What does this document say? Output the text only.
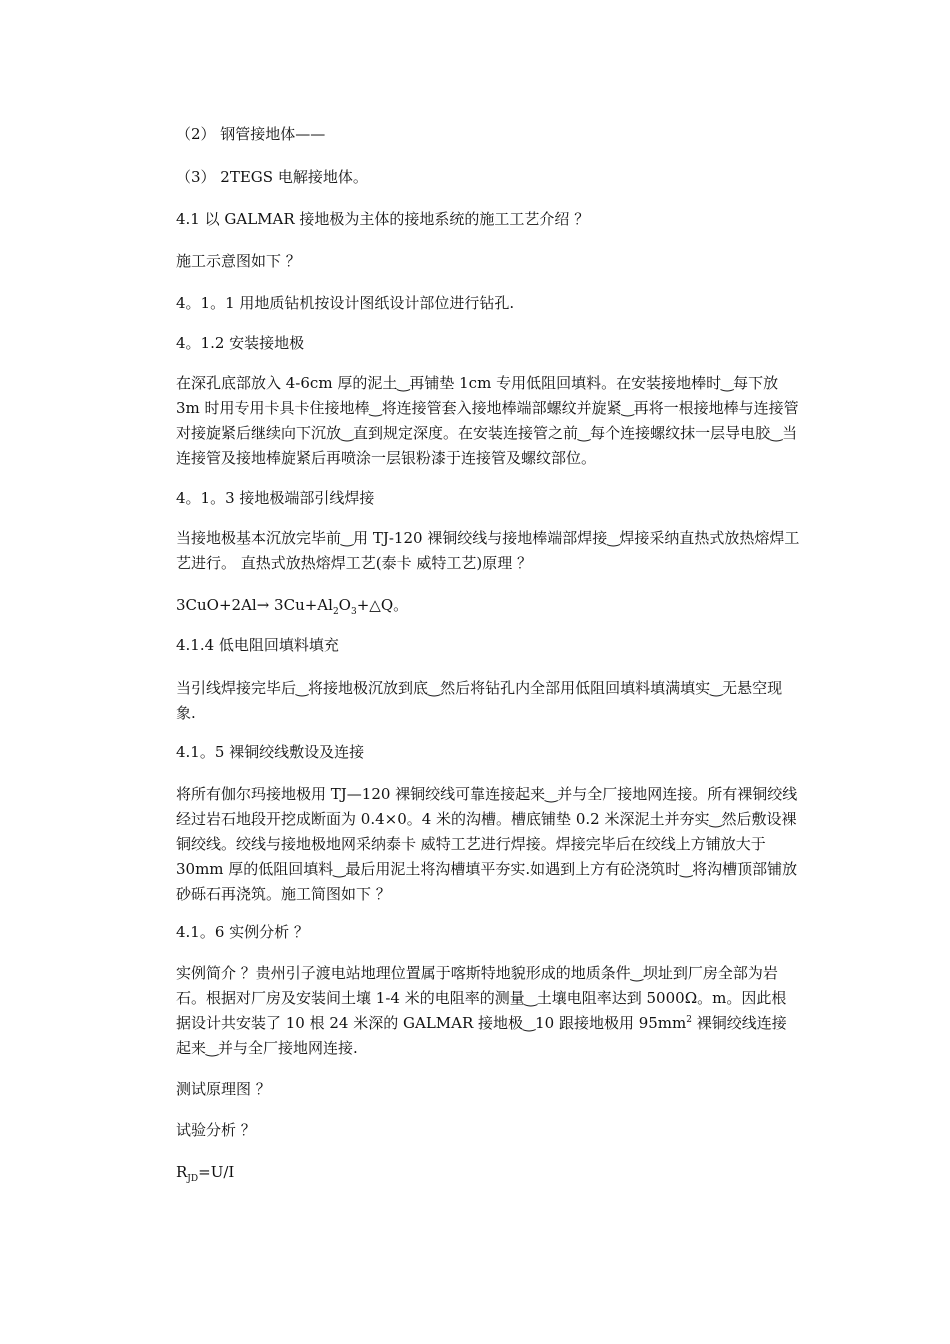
（2） 钢管接地体——
（3） 2TEGS 电解接地体。
4.1 以 GALMAR 接地极为主体的接地系统的施工工艺介绍 ？
施工示意图如下 ？
4。1。1 用地质钻机按设计图纸设计部位进行钻孔.
4。1.2 安装接地极
在深孔底部放入 4-6cm 厚的泥土‿再铺垫 1cm 专用低阻回填料。在安装接地棒时‿每下放 3m 时用专用卡具卡住接地棒‿将连接管套入接地棒端部螺纹并旋紧‿再将一根接地棒与连接管对接旋紧后继续向下沉放‿直到规定深度。在安装连接管之前‿每个连接螺纹抹一层导电胶‿当连接管及接地棒旋紧后再喷涂一层银粉漆于连接管及螺纹部位。
4。1。3 接地极端部引线焊接
当接地极基本沉放完毕前‿用 TJ-120 裸铜绞线与接地棒端部焊接‿焊接采纳直热式放热熔焊工艺进行。 直热式放热熔焊工艺(泰卡 威特工艺)原理 ？
$3CuO+2Al\to 3Cu+Al_2O_3+\triangle Q$。
4.1.4 低电阻回填料填充
当引线焊接完毕后‿将接地极沉放到底‿然后将钻孔内全部用低阻回填料填满填实‿无悬空现象.
4.1。5 裸铜绞线敷设及连接
将所有伽尔玛接地极用 TJ—120 裸铜绞线可靠连接起来‿并与全厂接地网连接。所有裸铜绞线经过岩石地段开挖成断面为 0.4×0。4 米的沟槽。槽底铺垫 0.2 米深泥土并夯实‿然后敷设裸铜绞线。绞线与接地极地网采纳泰卡 威特工艺进行焊接。焊接完毕后在绞线上方铺放大于 30mm 厚的低阻回填料‿最后用泥土将沟槽填平夯实.如遇到上方有砼浇筑时‿将沟槽顶部铺放砂砾石再浇筑。施工简图如下 ？
4.1。6 实例分析 ？
实例简介 ？贵州引子渡电站地理位置属于喀斯特地貌形成的地质条件‿坝址到厂房全部为岩石。根据对厂房及安装间土壤 1-4 米的电阻率的测量‿土壤电阻率达到 5000Ω。m。因此根据设计共安装了 10 根 24 米深的 GALMAR 接地极‿10 跟接地极用 $95mm^2$ 裸铜绞线连接起来‿并与全厂接地网连接.
测试原理图 ？
试验分析 ？
$R_{JD}=U/I$
